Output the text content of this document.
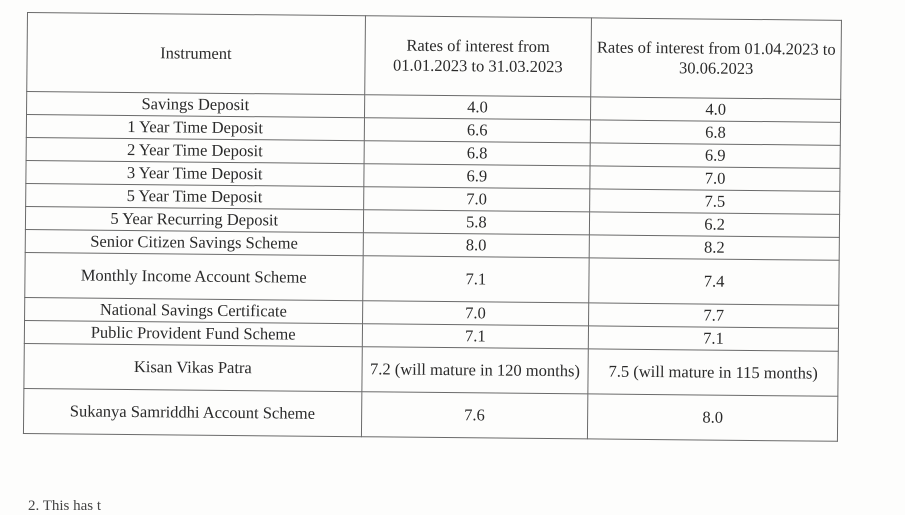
Instrument	Rates of interest from 01.01.2023 to 31.03.2023	Rates of interest from 01.04.2023 to 30.06.2023
Savings Deposit	4.0	4.0
1 Year Time Deposit	6.6	6.8
2 Year Time Deposit	6.8	6.9
3 Year Time Deposit	6.9	7.0
5 Year Time Deposit	7.0	7.5
5 Year Recurring Deposit	5.8	6.2
Senior Citizen Savings Scheme	8.0	8.2
Monthly Income Account Scheme	7.1	7.4
National Savings Certificate	7.0	7.7
Public Provident Fund Scheme	7.1	7.1
Kisan Vikas Patra	7.2 (will mature in 120 months)	7.5 (will mature in 115 months)
Sukanya Samriddhi Account Scheme	7.6	8.0
2. This has t
